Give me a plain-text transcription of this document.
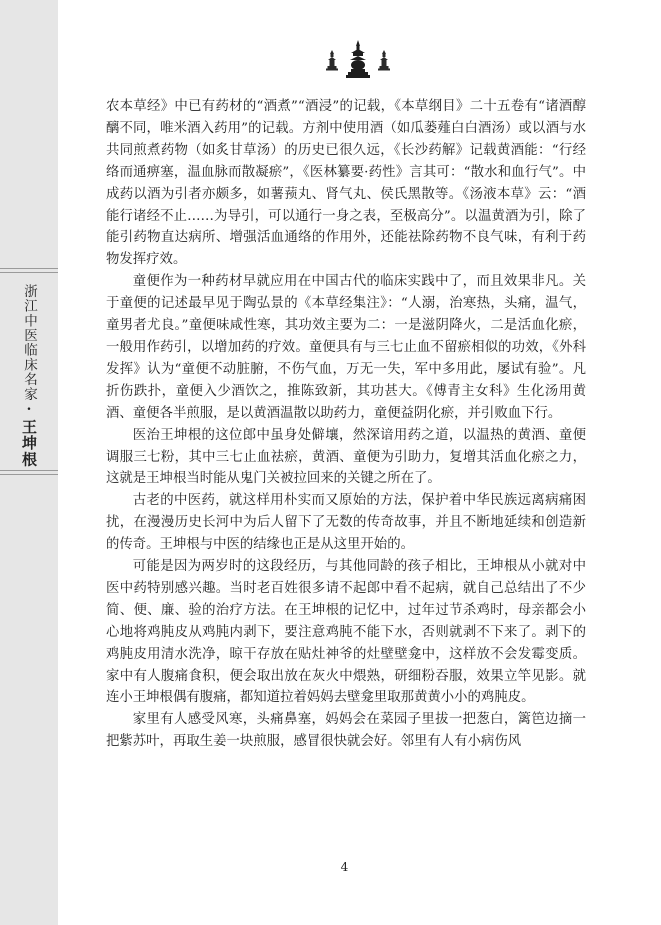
浙江中医临床名家·王坤根

农本草经》中已有药材的“酒煮”“酒浸”的记载，《本草纲目》二十五卷有“诸酒醇醨不同，唯米酒入药用”的记载。方剂中使用酒（如瓜蒌薤白白酒汤）或以酒与水共同煎煮药物（如炙甘草汤）的历史已很久远，《长沙药解》记载黄酒能：“行经络而通痹塞，温血脉而散凝瘀”，《医林纂要·药性》言其可：“散水和血行气”。中成药以酒为引者亦颇多，如薯蓣丸、肾气丸、侯氏黑散等。《汤液本草》云：“酒能行诸经不止……为导引，可以通行一身之表，至极高分”。以温黄酒为引，除了能引药物直达病所、增强活血通络的作用外，还能祛除药物不良气味，有利于药物发挥疗效。

童便作为一种药材早就应用在中国古代的临床实践中了，而且效果非凡。关于童便的记述最早见于陶弘景的《本草经集注》：“人溺，治寒热，头痛，温气，童男者尤良。”童便味咸性寒，其功效主要为二：一是滋阴降火，二是活血化瘀，一般用作药引，以增加药的疗效。童便具有与三七止血不留瘀相似的功效，《外科发挥》认为“童便不动脏腑，不伤气血，万无一失，军中多用此，屡试有验”。凡折伤跌扑，童便入少酒饮之，推陈致新，其功甚大。《傅青主女科》生化汤用黄酒、童便各半煎服，是以黄酒温散以助药力，童便益阴化瘀，并引败血下行。

医治王坤根的这位郎中虽身处僻壤，然深谙用药之道，以温热的黄酒、童便调服三七粉，其中三七止血祛瘀，黄酒、童便为引助力，复增其活血化瘀之力，这就是王坤根当时能从鬼门关被拉回来的关键之所在了。

古老的中医药，就这样用朴实而又原始的方法，保护着中华民族远离病痛困扰，在漫漫历史长河中为后人留下了无数的传奇故事，并且不断地延续和创造新的传奇。王坤根与中医的结缘也正是从这里开始的。

可能是因为两岁时的这段经历，与其他同龄的孩子相比，王坤根从小就对中医中药特别感兴趣。当时老百姓很多请不起郎中看不起病，就自己总结出了不少简、便、廉、验的治疗方法。在王坤根的记忆中，过年过节杀鸡时，母亲都会小心地将鸡肫皮从鸡肫内剥下，要注意鸡肫不能下水，否则就剥不下来了。剥下的鸡肫皮用清水洗净，晾干存放在贴灶神爷的灶壁壁龛中，这样放不会发霉变质。家中有人腹痛食积，便会取出放在灰火中煨熟，研细粉吞服，效果立竿见影。就连小王坤根偶有腹痛，都知道拉着妈妈去壁龛里取那黄黄小小的鸡肫皮。

家里有人感受风寒，头痛鼻塞，妈妈会在菜园子里拔一把葱白，篱笆边摘一把紫苏叶，再取生姜一块煎服，感冒很快就会好。邻里有人有小病伤风

4
